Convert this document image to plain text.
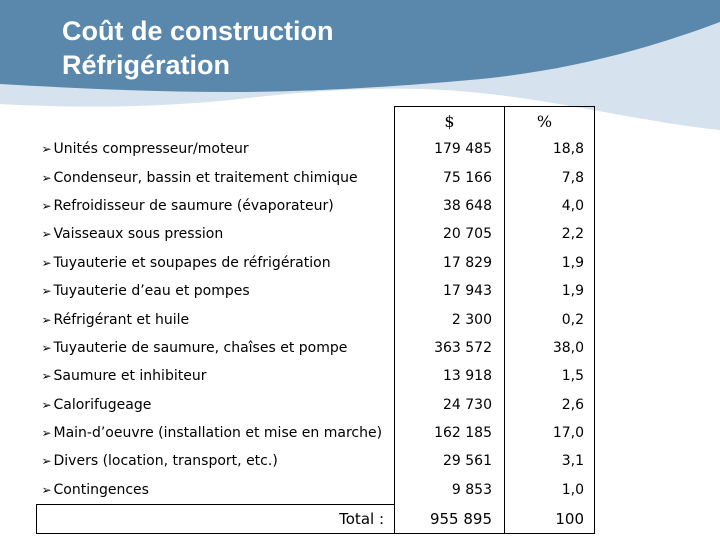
Coût de construction
Réfrigération
	$	%
➢ Unités compresseur/moteur	179 485	18,8
➢ Condenseur, bassin et traitement chimique	75 166	7,8
➢ Refroidisseur de saumure (évaporateur)	38 648	4,0
➢ Vaisseaux sous pression	20 705	2,2
➢ Tuyauterie et soupapes de réfrigération	17 829	1,9
➢ Tuyauterie d’eau et pompes	17 943	1,9
➢ Réfrigérant et huile	2 300	0,2
➢ Tuyauterie de saumure, chaîses et pompe	363 572	38,0
➢ Saumure et inhibiteur	13 918	1,5
➢ Calorifugeage	24 730	2,6
➢ Main-d’oeuvre (installation et mise en marche)	162 185	17,0
➢ Divers (location, transport, etc.)	29 561	3,1
➢ Contingences	9 853	1,0
Total :	955 895	100
